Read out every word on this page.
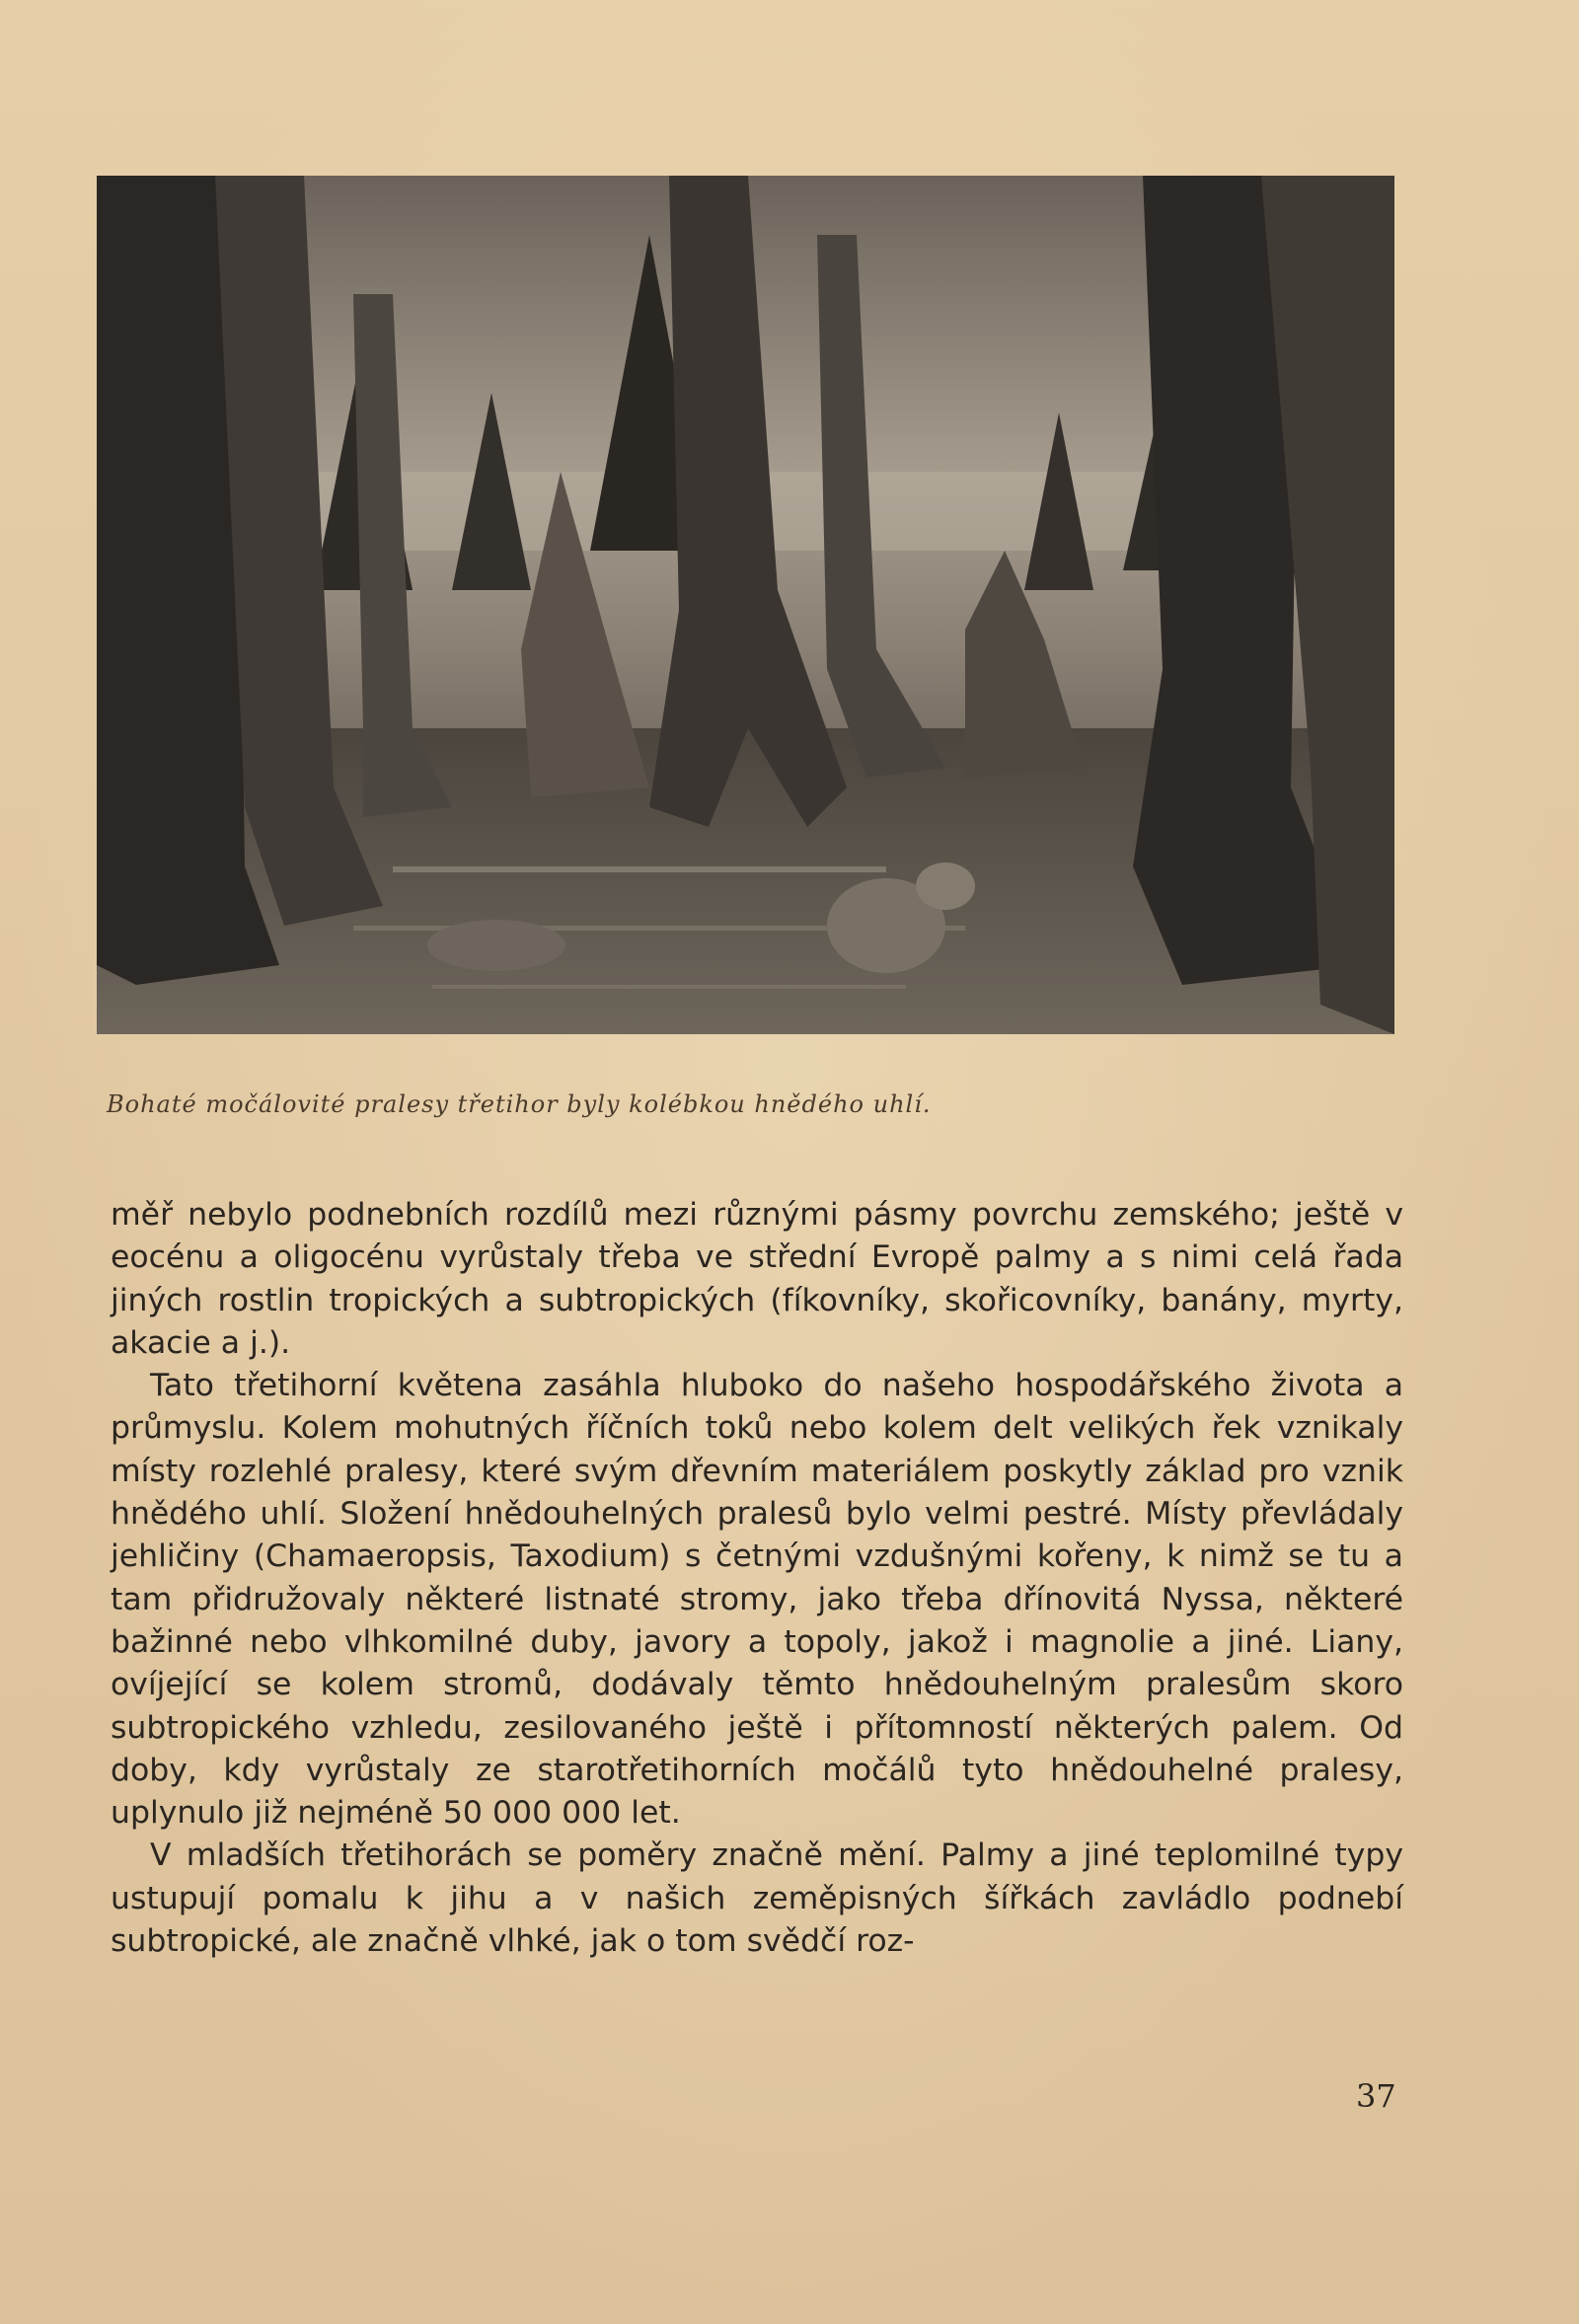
Bohaté močálovité pralesy třetihor byly kolébkou hnědého uhlí.

měř nebylo podnebních rozdílů mezi různými pásmy povrchu zemského; ještě v eocénu a oligocénu vyrůstaly třeba ve střední Evropě palmy a s nimi celá řada jiných rostlin tropických a subtropických (fíkovníky, skořicovníky, banány, myrty, akacie a j.).

Tato třetihorní květena zasáhla hluboko do našeho hospodářského života a průmyslu. Kolem mohutných říčních toků nebo kolem delt velikých řek vznikaly místy rozlehlé pralesy, které svým dřevním materiálem poskytly základ pro vznik hnědého uhlí. Složení hnědouhelných pralesů bylo velmi pestré. Místy převládaly jehličiny (Chamaeropsis, Taxodium) s četnými vzdušnými kořeny, k nimž se tu a tam přidružovaly některé listnaté stromy, jako třeba dřínovitá Nyssa, některé bažinné nebo vlhkomilné duby, javory a topoly, jakož i magnolie a jiné. Liany, ovíjející se kolem stromů, dodávaly těmto hnědouhelným pralesům skoro subtropického vzhledu, zesilovaného ještě i přítomností některých palem. Od doby, kdy vyrůstaly ze starotřetihorních močálů tyto hnědouhelné pralesy, uplynulo již nejméně 50 000 000 let.

V mladších třetihorách se poměry značně mění. Palmy a jiné teplomilné typy ustupují pomalu k jihu a v našich zeměpisných šířkách zavládlo podnebí subtropické, ale značně vlhké, jak o tom svědčí roz-

37
